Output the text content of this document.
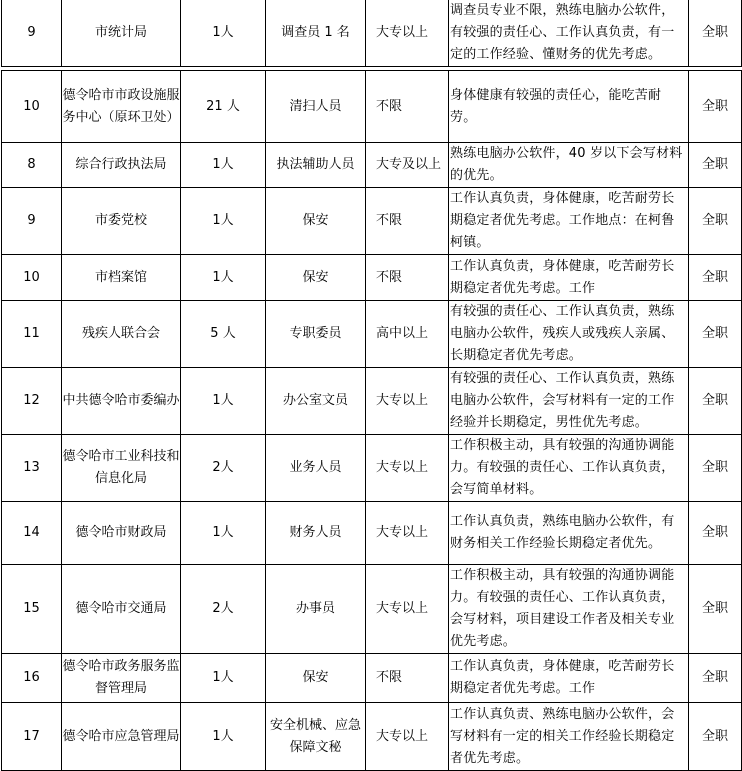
9	市统计局	1人	调查员 1 名	大专以上	调查员专业不限，熟练电脑办公软件，有较强的责任心、工作认真负责，有一定的工作经验、懂财务的优先考虑。	全职
10	德令哈市市政设施服务中心（原环卫处）	21 人	清扫人员	不限	身体健康有较强的责任心，能吃苦耐劳。	全职
8	综合行政执法局	1人	执法辅助人员	大专及以上	熟练电脑办公软件，40 岁以下会写材料的优先。	全职
9	市委党校	1人	保安	不限	工作认真负责，身体健康，吃苦耐劳长期稳定者优先考虑。工作地点：在柯鲁柯镇。	全职
10	市档案馆	1人	保安	不限	工作认真负责，身体健康，吃苦耐劳长期稳定者优先考虑。工作	全职
11	残疾人联合会	5 人	专职委员	高中以上	有较强的责任心、工作认真负责，熟练电脑办公软件，残疾人或残疾人亲属、长期稳定者优先考虑。	全职
12	中共德令哈市委编办	1人	办公室文员	大专以上	有较强的责任心、工作认真负责，熟练电脑办公软件，会写材料有一定的工作经验并长期稳定，男性优先考虑。	全职
13	德令哈市工业科技和信息化局	2人	业务人员	大专以上	工作积极主动，具有较强的沟通协调能力。有较强的责任心、工作认真负责，会写简单材料。	全职
14	德令哈市财政局	1人	财务人员	大专以上	工作认真负责，熟练电脑办公软件，有财务相关工作经验长期稳定者优先。	全职
15	德令哈市交通局	2人	办事员	大专以上	工作积极主动，具有较强的沟通协调能力。有较强的责任心、工作认真负责，会写材料，项目建设工作者及相关专业优先考虑。	全职
16	德令哈市政务服务监督管理局	1人	保安	不限	工作认真负责，身体健康，吃苦耐劳长期稳定者优先考虑。工作	全职
17	德令哈市应急管理局	1人	安全机械、应急保障文秘	大专以上	工作认真负责、熟练电脑办公软件，会写材料有一定的相关工作经验长期稳定者优先考虑。	全职
